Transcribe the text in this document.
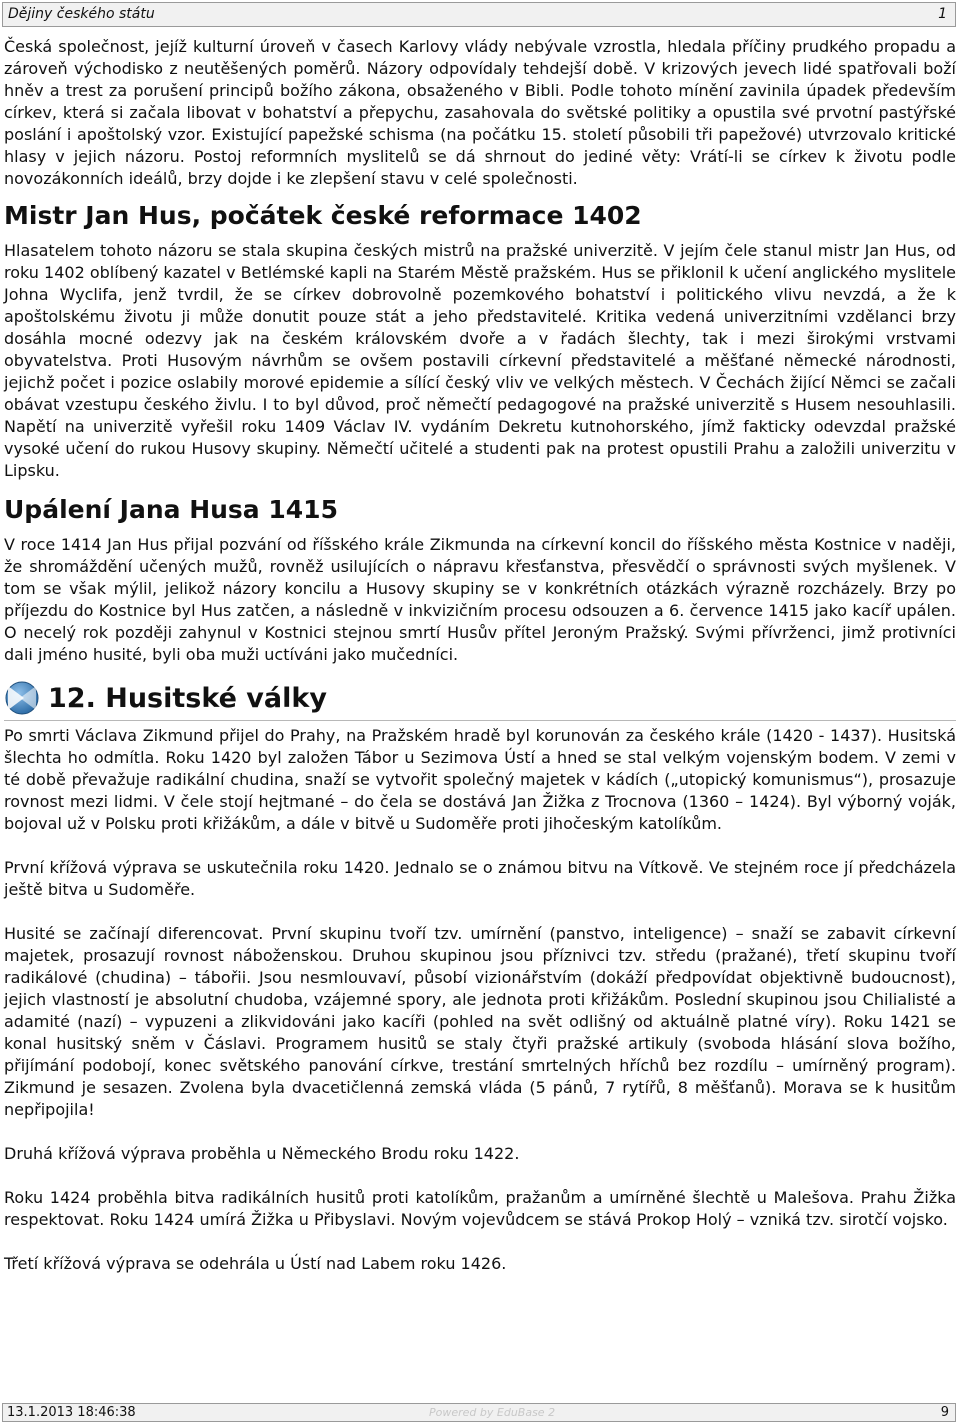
Dějiny českého státu	1

Česká společnost, jejíž kulturní úroveň v časech Karlovy vlády nebývale vzrostla, hledala příčiny prudkého propadu a zároveň východisko z neutěšených poměrů. Názory odpovídaly tehdejší době. V krizových jevech lidé spatřovali boží hněv a trest za porušení principů božího zákona, obsaženého v Bibli. Podle tohoto mínění zavinila úpadek především církev, která si začala libovat v bohatství a přepychu, zasahovala do světské politiky a opustila své prvotní pastýřské poslání i apoštolský vzor. Existující papežské schisma (na počátku 15. století působili tři papežové) utvrzovalo kritické hlasy v jejich názoru. Postoj reformních myslitelů se dá shrnout do jediné věty: Vrátí-li se církev k životu podle novozákonních ideálů, brzy dojde i ke zlepšení stavu v celé společnosti.

Mistr Jan Hus, počátek české reformace 1402

Hlasatelem tohoto názoru se stala skupina českých mistrů na pražské univerzitě. V jejím čele stanul mistr Jan Hus, od roku 1402 oblíbený kazatel v Betlémské kapli na Starém Městě pražském. Hus se přiklonil k učení anglického myslitele Johna Wyclifa, jenž tvrdil, že se církev dobrovolně pozemkového bohatství i politického vlivu nevzdá, a že k apoštolskému životu ji může donutit pouze stát a jeho představitelé. Kritika vedená univerzitními vzdělanci brzy dosáhla mocné odezvy jak na českém královském dvoře a v řadách šlechty, tak i mezi širokými vrstvami obyvatelstva. Proti Husovým návrhům se ovšem postavili církevní představitelé a měšťané německé národnosti, jejichž počet i pozice oslabily morové epidemie a sílící český vliv ve velkých městech. V Čechách žijící Němci se začali obávat vzestupu českého živlu. I to byl důvod, proč němečtí pedagogové na pražské univerzitě s Husem nesouhlasili. Napětí na univerzitě vyřešil roku 1409 Václav IV. vydáním Dekretu kutnohorského, jímž fakticky odevzdal pražské vysoké učení do rukou Husovy skupiny. Němečtí učitelé a studenti pak na protest opustili Prahu a založili univerzitu v Lipsku.

Upálení Jana Husa 1415

V roce 1414 Jan Hus přijal pozvání od říšského krále Zikmunda na církevní koncil do říšského města Kostnice v naději, že shromáždění učených mužů, rovněž usilujících o nápravu křesťanstva, přesvědčí o správnosti svých myšlenek. V tom se však mýlil, jelikož názory koncilu a Husovy skupiny se v konkrétních otázkách výrazně rozcházely. Brzy po příjezdu do Kostnice byl Hus zatčen, a následně v inkvizičním procesu odsouzen a 6. července 1415 jako kacíř upálen. O necelý rok později zahynul v Kostnici stejnou smrtí Husův přítel Jeroným Pražský. Svými přívrženci, jimž protivníci dali jméno husité, byli oba muži uctíváni jako mučedníci.

12. Husitské války

Po smrti Václava Zikmund přijel do Prahy, na Pražském hradě byl korunován za českého krále (1420 - 1437). Husitská šlechta ho odmítla. Roku 1420 byl založen Tábor u Sezimova Ústí a hned se stal velkým vojenským bodem. V zemi v té době převažuje radikální chudina, snaží se vytvořit společný majetek v kádích („utopický komunismus“), prosazuje rovnost mezi lidmi. V čele stojí hejtmané – do čela se dostává Jan Žižka z Trocnova (1360 – 1424). Byl výborný voják, bojoval už v Polsku proti křižákům, a dále v bitvě u Sudoměře proti jihočeským katolíkům.

První křížová výprava se uskutečnila roku 1420. Jednalo se o známou bitvu na Vítkově. Ve stejném roce jí předcházela ještě bitva u Sudoměře.

Husité se začínají diferencovat. První skupinu tvoří tzv. umírnění (panstvo, inteligence) – snaží se zabavit církevní majetek, prosazují rovnost náboženskou. Druhou skupinou jsou příznivci tzv. středu (pražané), třetí skupinu tvoří radikálové (chudina) – tábořii. Jsou nesmlouvaví, působí vizionářstvím (dokáží předpovídat objektivně budoucnost), jejich vlastností je absolutní chudoba, vzájemné spory, ale jednota proti křižákům. Poslední skupinou jsou Chilialisté a adamité (nazí) – vypuzeni a zlikvidováni jako kacíři (pohled na svět odlišný od aktuálně platné víry). Roku 1421 se konal husitský sněm v Čáslavi. Programem husitů se staly čtyři pražské artikuly (svoboda hlásání slova božího, přijímání podobojí, konec světského panování církve, trestání smrtelných hříchů bez rozdílu – umírněný program). Zikmund je sesazen. Zvolena byla dvacetičlenná zemská vláda (5 pánů, 7 rytířů, 8 měšťanů). Morava se k husitům nepřipojila!

Druhá křížová výprava proběhla u Německého Brodu roku 1422.

Roku 1424 proběhla bitva radikálních husitů proti katolíkům, pražanům a umírněné šlechtě u Malešova. Prahu Žižka respektovat. Roku 1424 umírá Žižka u Přibyslavi. Novým vojevůdcem se stává Prokop Holý – vzniká tzv. sirotčí vojsko.

Třetí křížová výprava se odehrála u Ústí nad Labem roku 1426.

13.1.2013 18:46:38	Powered by EduBase 2	9
